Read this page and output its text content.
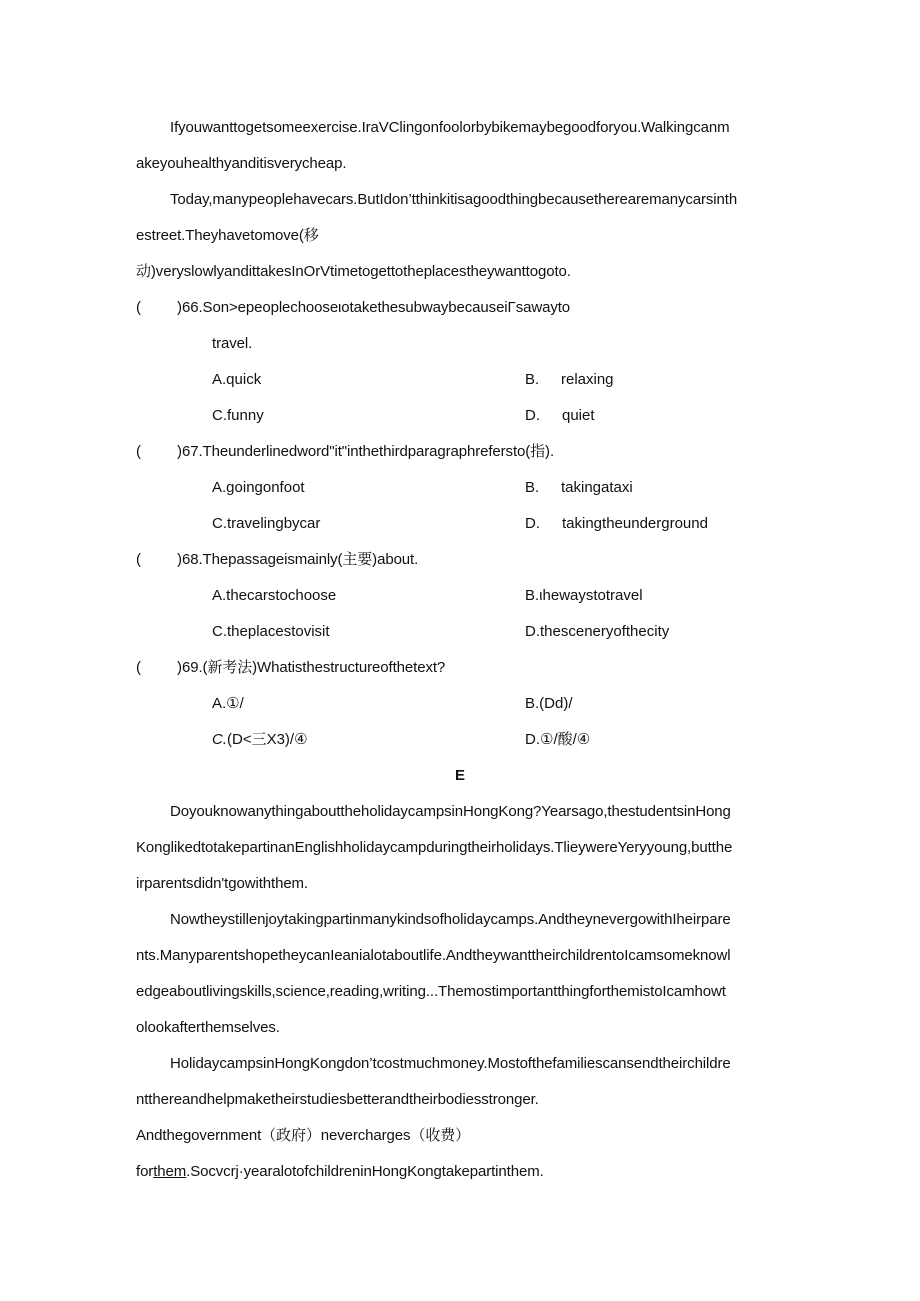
Ifyouwanttogetsomeexercise.IraVClingonfoolorbybikemaybegoodforyou.Walkingcanm
akeyouhealthyanditisverycheap.
Today,manypeoplehavecars.ButIdon’tthinkitisagoodthingbecausetherearemanycarsinth
estreet.Theyhavetomove(移
动)veryslowlyandittakesInOrVtimetogettotheplacestheywanttogoto.
( ) 66.Son>epeoplechooseιotakethesubwaybecauseiΓsawayto
travel.
A.quick	B. relaxing
C.funny	D. quiet
( ) 67.Theunderlinedword"it"inthethirdparagraphrefersto(指).
A.goingonfoot	B. takingataxi
C.travelingbycar	D. takingtheunderground
( ) 68.Thepassageismainly(主要)about.
A.thecarstochoose	B.ιhewaystotravel
C.theplacestovisit	D.thesceneryofthecity
( ) 69.(新考法)Whatisthestructureofthetext?
A.①/	B.(Dd)/
C.(D<三X3)/④	D.①/酸/④
E
DoyouknowanythingabouttheholidaycampsinHongKong?Yearsago,thestudentsinHong
KonglikedtotakepartinanEnglishholidaycampduringtheirholidays.TlieywereYeryyoung,butthe
irparentsdidn'tgowiththem.
Nowtheystillenjoytakingpartinmanykindsofholidaycamps.AndtheynevergowithIheirpare
nts.ManyparentshopetheycanIeanialotaboutlife.AndtheywanttheirchildrentoIcamsomeknowl
edgeaboutlivingskills,science,reading,writing...ThemostimportantthingforthemistoIcamhowt
olookafterthemselves.
HolidaycampsinHongKongdon’tcostmuchmoney.Mostofthefamiliescansendtheirchildre
ntthereandhelpmaketheirstudiesbetterandtheirbodiesstronger.
Andthegovernment（政府）nevercharges（收费）
forthem.Socvcrj·yearalotofchildreninHongKongtakepartinthem.
